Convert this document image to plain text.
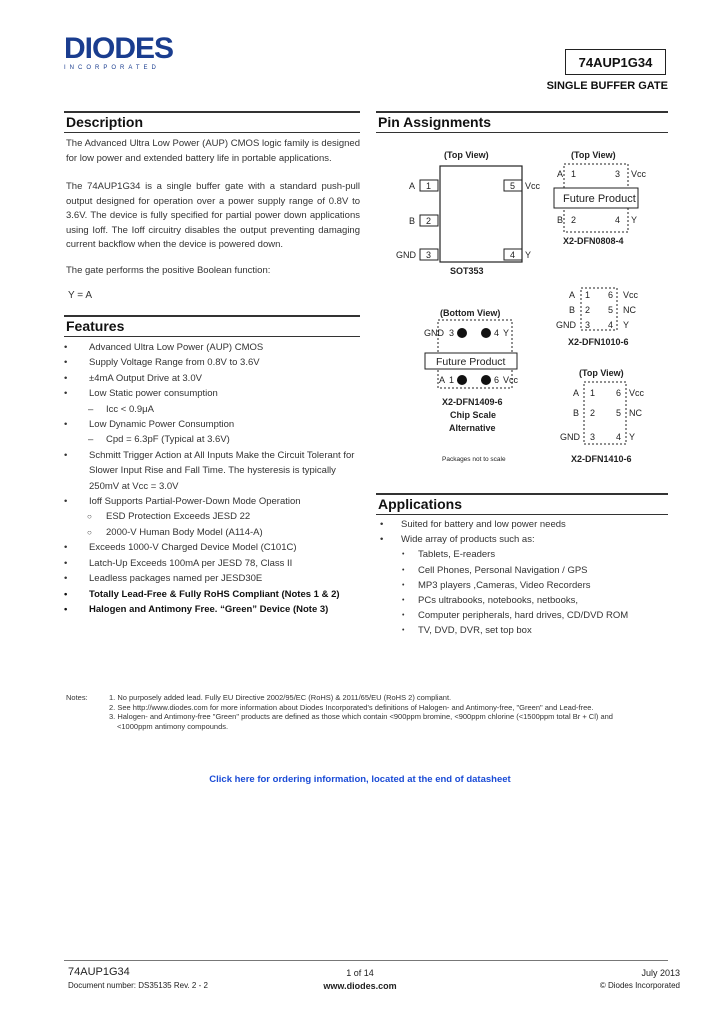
DIODES
INCORPORATED	74AUP1G34
SINGLE BUFFER GATE
Description
The Advanced Ultra Low Power (AUP) CMOS logic family is designed for low power and extended battery life in portable applications.
The 74AUP1G34 is a single buffer gate with a standard push-pull output designed for operation over a power supply range of 0.8V to 3.6V. The device is fully specified for partial power down applications using Ioff. The Ioff circuitry disables the output preventing damaging current backflow when the device is powered down.
The gate performs the positive Boolean function:
Y = A
Features
• Advanced Ultra Low Power (AUP) CMOS
• Supply Voltage Range from 0.8V to 3.6V
• ±4mA Output Drive at 3.0V
• Low Static power consumption
– Icc < 0.9μA
• Low Dynamic Power Consumption
– Cpd = 6.3pF (Typical at 3.6V)
• Schmitt Trigger Action at All Inputs Make the Circuit Tolerant for
Slower Input Rise and Fall Time. The hysteresis is typically
250mV at Vcc = 3.0V
• Ioff Supports Partial-Power-Down Mode Operation
○ ESD Protection Exceeds JESD 22
○ 2000-V Human Body Model (A114-A)
• Exceeds 1000-V Charged Device Model (C101C)
• Latch-Up Exceeds 100mA per JESD 78, Class II
• Leadless packages named per JESD30E
• Totally Lead-Free & Fully RoHS Compliant (Notes 1 & 2)
• Halogen and Antimony Free. “Green” Device (Note 3)
Pin Assignments
(Top View)
1
2
3
5
4
A
B
GND
Vcc
Y
SOT353
(Top View)
A 1	3 Vcc
Future Product
B 2	4 Y
X2-DFN0808-4
A 1 6 Vcc
B 2 5 NC
GND 3 4 Y
X2-DFN1010-6
(Bottom View)
GND 3	4 Y
Future Product
A 1	6 Vcc
X2-DFN1409-6
Chip Scale
Alternative
(Top View)
A 1 6 Vcc
B 2 5 NC
GND 3 4 Y
X2-DFN1410-6
Packages not to scale
Applications
• Suited for battery and low power needs
• Wide array of products such as:
• Tablets, E-readers
• Cell Phones, Personal Navigation / GPS
• MP3 players ,Cameras, Video Recorders
• PCs ultrabooks, notebooks, netbooks,
• Computer peripherals, hard drives, CD/DVD ROM
• TV, DVD, DVR, set top box
Notes:	1. No purposely added lead. Fully EU Directive 2002/95/EC (RoHS) & 2011/65/EU (RoHS 2) compliant.
2. See http://www.diodes.com for more information about Diodes Incorporated's definitions of Halogen- and Antimony-free, "Green" and Lead-free.
3. Halogen- and Antimony-free "Green" products are defined as those which contain <900ppm bromine, <900ppm chlorine (<1500ppm total Br + Cl) and
<1000ppm antimony compounds.
Click here for ordering information, located at the end of datasheet
74AUP1G34
Document number: DS35135 Rev. 2 - 2
1 of 14
www.diodes.com
July 2013
© Diodes Incorporated
